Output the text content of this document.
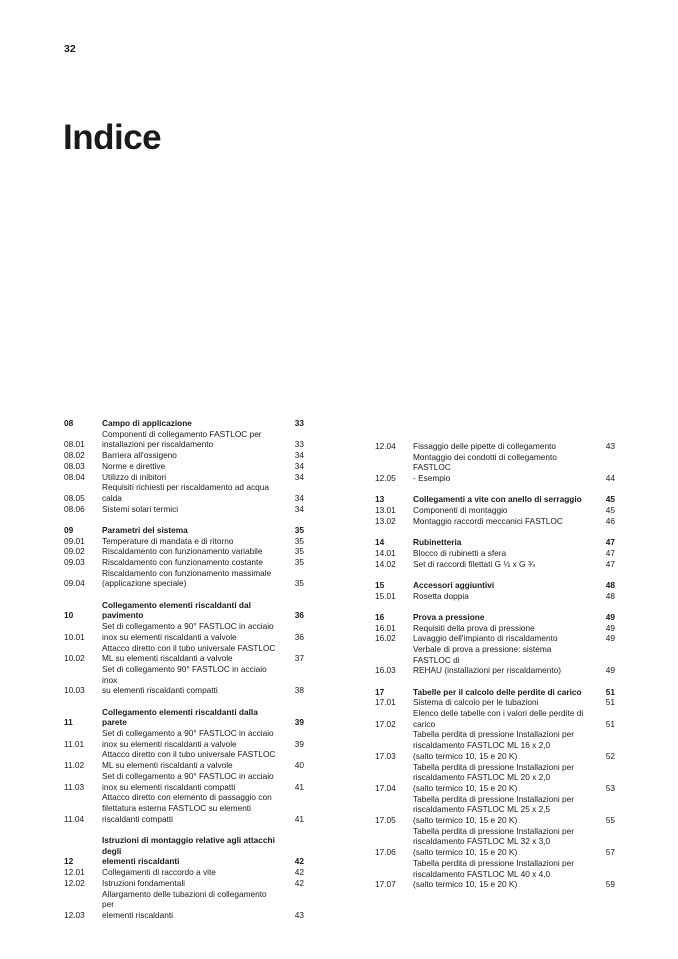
32
Indice
08	Campo di applicazione	33
08.01
Componenti di collegamento FASTLOC per
installazioni per riscaldamento	33
08.02	Barriera all'ossigeno	34
08.03	Norme e direttive	34
08.04	Utilizzo di inibitori	34
08.05
Requisiti richiesti per riscaldamento ad acqua
calda	34
08.06	Sistemi solari termici	34
09	Parametri del sistema	35
09.01	Temperature di mandata e di ritorno	35
09.02	Riscaldamento con funzionamento variabile	35
09.03	Riscaldamento con funzionamento costante	35
09.04
Riscaldamento con funzionamento massimale
(applicazione speciale)	35
10
Collegamento elementi riscaldanti dal pavimento	36
10.01
Set di collegamento a 90° FASTLOC in acciaio
inox su elementi riscaldanti a valvole	36
10.02
Attacco diretto con il tubo universale FASTLOC
ML su elementi riscaldanti a valvole	37
10.03
Set di collegamento 90° FASTLOC in acciaio inox
su elementi riscaldanti compatti	38
11
Collegamento elementi riscaldanti dalla parete	39
11.01
Set di collegamento a 90° FASTLOC in acciaio
inox su elementi riscaldanti a valvole	39
11.02
Attacco diretto con il tubo universale FASTLOC
ML su elementi riscaldanti a valvole	40
11.03
Set di collegamento a 90° FASTLOC in acciaio
inox su elementi riscaldanti compatti	41
11.04
Attacco diretto con elemento di passaggio con
filettatura esterna FASTLOC su elementi
riscaldanti compatti	41
12
Istruzioni di montaggio relative agli attacchi degli
elementi riscaldanti	42
12.01	Collegamenti di raccordo a vite	42
12.02	Istruzioni fondamentali	42
12.03
Allargamento delle tubazioni di collegamento per
elementi riscaldanti	43
12.04	Fissaggio delle pipette di collegamento	43
12.05
Montaggio dei condotti di collegamento FASTLOC
- Esempio	44
13	Collegamenti a vite con anello di serraggio	45
13.01	Componenti di montaggio	45
13.02	Montaggio raccordi meccanici FASTLOC	46
14	Rubinetteria	47
14.01	Blocco di rubinetti a sfera	47
14.02	Set di raccordi filettati G ½ x G ¾	47
15	Accessori aggiuntivi	48
15.01	Rosetta doppia	48
16	Prova a pressione	49
16.01	Requisiti della prova di pressione	49
16.02	Lavaggio dell'impianto di riscaldamento	49
16.03
Verbale di prova a pressione: sistema FASTLOC di
REHAU (installazioni per riscaldamento)	49
17	Tabelle per il calcolo delle perdite di carico	51
17.01	Sistema di calcolo per le tubazioni	51
17.02
Elenco delle tabelle con i valori delle perdite di
carico	51
17.03
Tabella perdita di pressione Installazioni per
riscaldamento FASTLOC ML 16 x 2,0
(salto termico 10, 15 e 20 K)	52
17.04
Tabella perdita di pressione Installazioni per
riscaldamento FASTLOC ML 20 x 2,0
(salto termico 10, 15 e 20 K)	53
17.05
Tabella perdita di pressione Installazioni per
riscaldamento FASTLOC ML 25 x 2,5
(salto termico 10, 15 e 20 K)	55
17.06
Tabella perdita di pressione Installazioni per
riscaldamento FASTLOC ML 32 x 3,0
(salto termico 10, 15 e 20 K)	57
17.07
Tabella perdita di pressione Installazioni per
riscaldamento FASTLOC ML 40 x 4,0
(salto termico 10, 15 e 20 K)	59
